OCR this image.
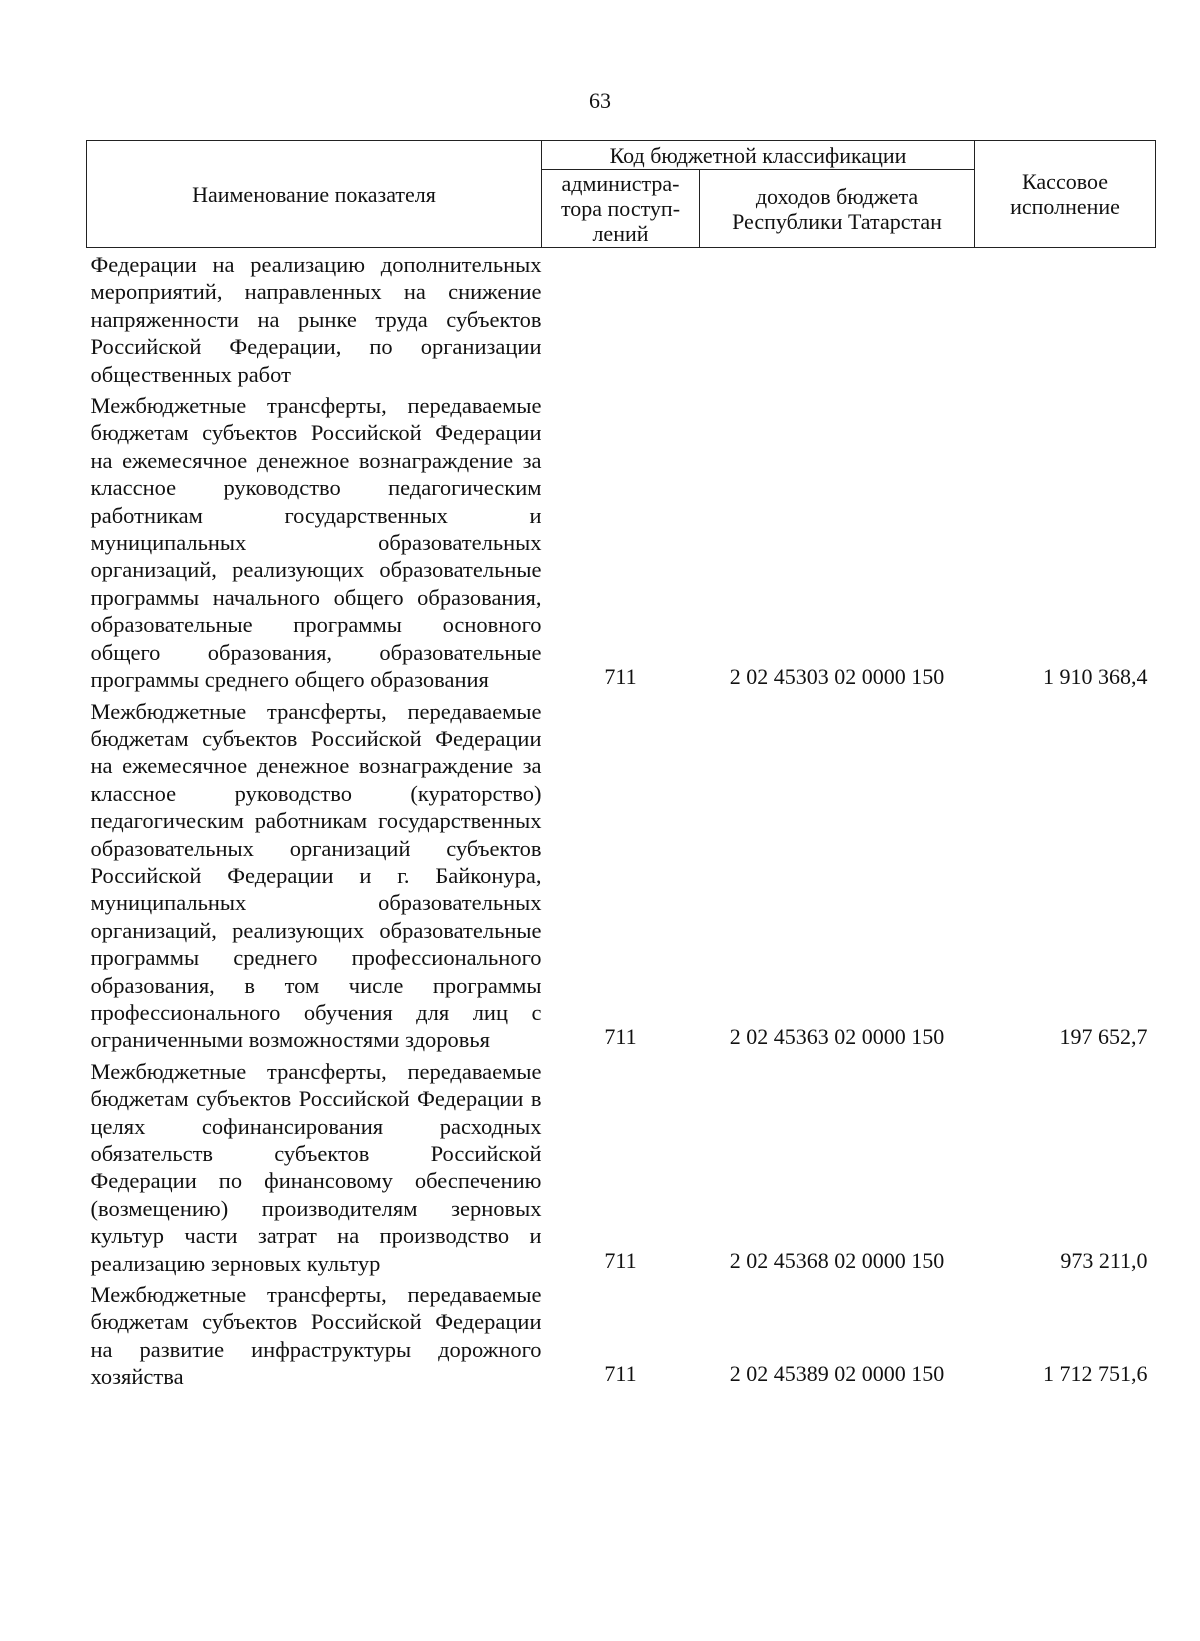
63
Наименование показателя	Код бюджетной классификации		Кассовое исполнение
	администра-тора поступ-лений	доходов бюджета Республики Татарстан	
Федерации на реализацию дополнительных мероприятий, направленных на снижение напряженности на рынке труда субъектов Российской Федерации, по организации общественных работ			
Межбюджетные трансферты, передаваемые бюджетам субъектов Российской Федерации на ежемесячное денежное вознаграждение за классное руководство педагогическим работникам государственных и муниципальных образовательных организаций, реализующих образовательные программы начального общего образования, образовательные программы основного общего образования, образовательные программы среднего общего образования	711	2 02 45303 02 0000 150	1 910 368,4
Межбюджетные трансферты, передаваемые бюджетам субъектов Российской Федерации на ежемесячное денежное вознаграждение за классное руководство (кураторство) педагогическим работникам государственных образовательных организаций субъектов Российской Федерации и г. Байконура, муниципальных образовательных организаций, реализующих образовательные программы среднего профессионального образования, в том числе программы профессионального обучения для лиц с ограниченными возможностями здоровья	711	2 02 45363 02 0000 150	197 652,7
Межбюджетные трансферты, передаваемые бюджетам субъектов Российской Федерации в целях софинансирования расходных обязательств субъектов Российской Федерации по финансовому обеспечению (возмещению) производителям зерновых культур части затрат на производство и реализацию зерновых культур	711	2 02 45368 02 0000 150	973 211,0
Межбюджетные трансферты, передаваемые бюджетам субъектов Российской Федерации на развитие инфраструктуры дорожного хозяйства	711	2 02 45389 02 0000 150	1 712 751,6
